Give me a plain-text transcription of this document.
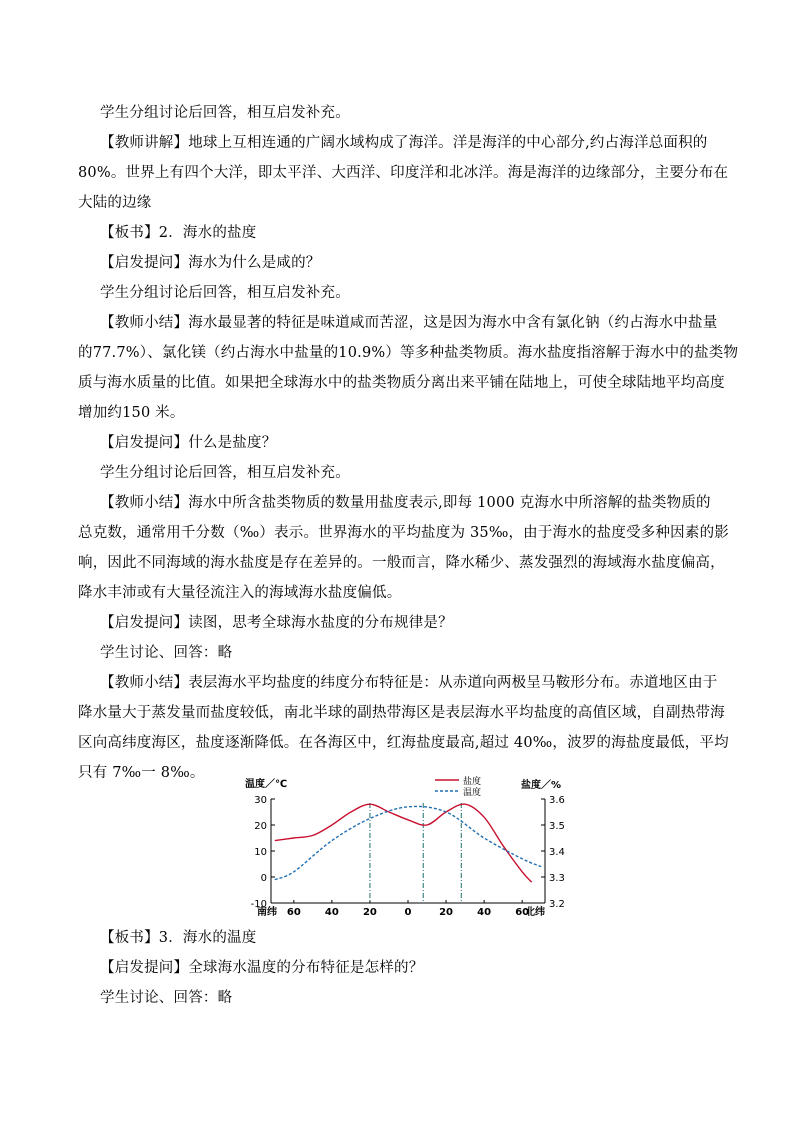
学生分组讨论后回答，相互启发补充。
【教师讲解】地球上互相连通的广阔水域构成了海洋。洋是海洋的中心部分,约占海洋总面积的
80%。世界上有四个大洋，即太平洋、大西洋、印度洋和北冰洋。海是海洋的边缘部分，主要分布在
大陆的边缘
【板书】2．海水的盐度
【启发提问】海水为什么是咸的？
学生分组讨论后回答，相互启发补充。
【教师小结】海水最显著的特征是味道咸而苦涩，这是因为海水中含有氯化钠（约占海水中盐量
的77.7%）、氯化镁（约占海水中盐量的10.9%）等多种盐类物质。海水盐度指溶解于海水中的盐类物
质与海水质量的比值。如果把全球海水中的盐类物质分离出来平铺在陆地上，可使全球陆地平均高度
增加约150 米。
【启发提问】什么是盐度？
学生分组讨论后回答，相互启发补充。
【教师小结】海水中所含盐类物质的数量用盐度表示,即每 1000 克海水中所溶解的盐类物质的
总克数，通常用千分数（‰）表示。世界海水的平均盐度为 35‰，由于海水的盐度受多种因素的影
响，因此不同海域的海水盐度是存在差异的。一般而言，降水稀少、蒸发强烈的海域海水盐度偏高，
降水丰沛或有大量径流注入的海域海水盐度偏低。
【启发提问】读图，思考全球海水盐度的分布规律是？
学生讨论、回答：略
【教师小结】表层海水平均盐度的纬度分布特征是：从赤道向两极呈马鞍形分布。赤道地区由于
降水量大于蒸发量而盐度较低，南北半球的副热带海区是表层海水平均盐度的高值区域，自副热带海
区向高纬度海区，盐度逐渐降低。在各海区中，红海盐度最高,超过 40‰，波罗的海盐度最低，平均
只有 7‰一 8‰。
温度／℃	盐度／%
30
20
10
0
-10
3.6
3.5
3.4
3.3
3.2
南纬 60 40 20	0	20 40 60
北纬
盐度
温度
【板书】3．海水的温度
【启发提问】全球海水温度的分布特征是怎样的？
学生讨论、回答：略
